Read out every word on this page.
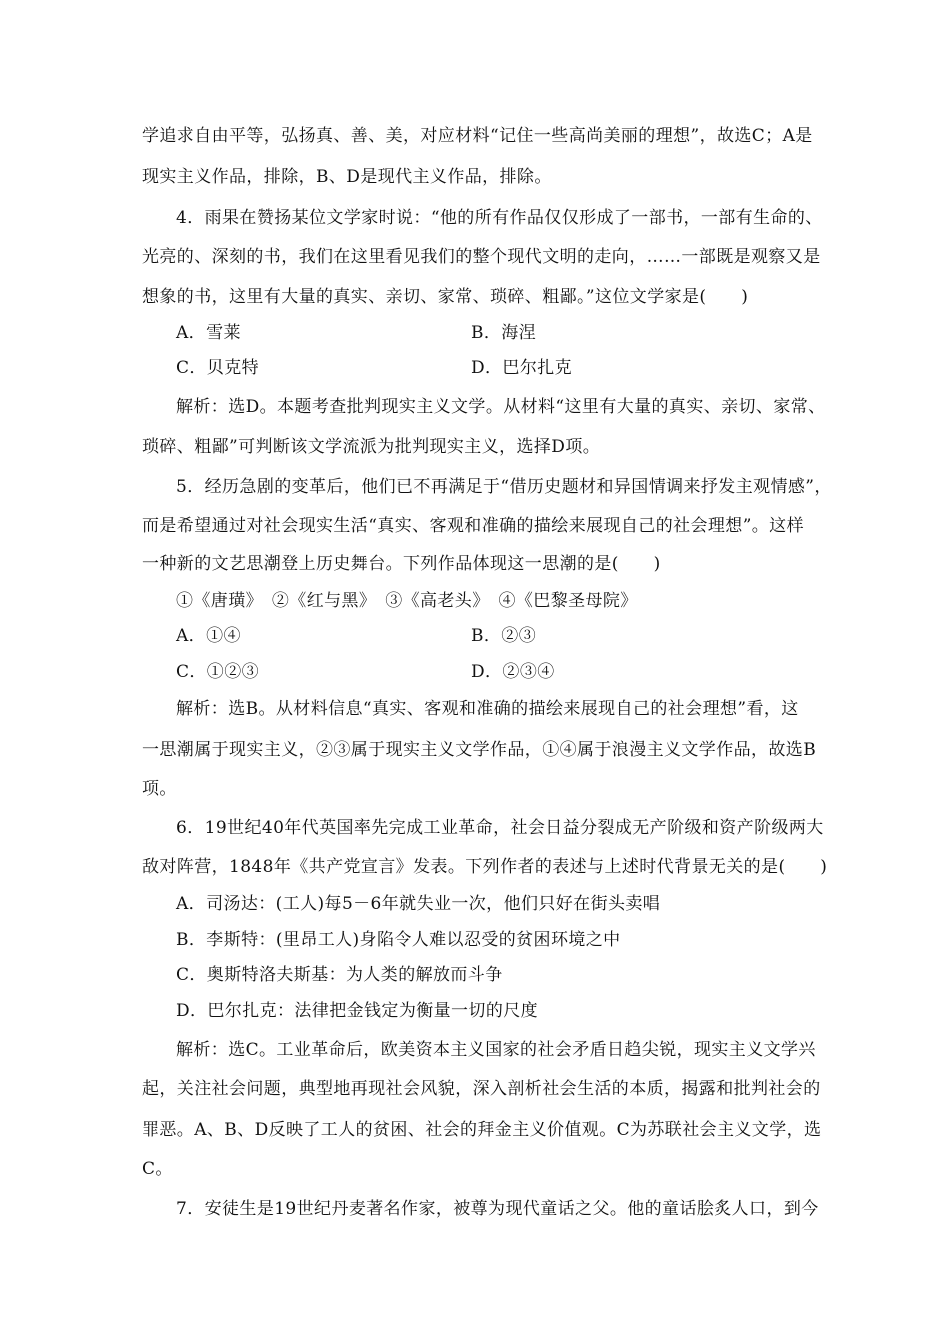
学追求自由平等，弘扬真、善、美，对应材料“记住一些高尚美丽的理想”，故选C；A是
现实主义作品，排除，B、D是现代主义作品，排除。
4．雨果在赞扬某位文学家时说：“他的所有作品仅仅形成了一部书，一部有生命的、
光亮的、深刻的书，我们在这里看见我们的整个现代文明的走向，……一部既是观察又是
想象的书，这里有大量的真实、亲切、家常、琐碎、粗鄙。”这位文学家是(　　)
A．雪莱	B．海涅
C．贝克特	D．巴尔扎克
解析：选D。本题考查批判现实主义文学。从材料“这里有大量的真实、亲切、家常、
琐碎、粗鄙”可判断该文学流派为批判现实主义，选择D项。
5．经历急剧的变革后，他们已不再满足于“借历史题材和异国情调来抒发主观情感”，
而是希望通过对社会现实生活“真实、客观和准确的描绘来展现自己的社会理想”。这样
一种新的文艺思潮登上历史舞台。下列作品体现这一思潮的是(　　)
①《唐璜》　②《红与黑》　③《高老头》　④《巴黎圣母院》
A．①④	B．②③
C．①②③	D．②③④
解析：选B。从材料信息“真实、客观和准确的描绘来展现自己的社会理想”看，这
一思潮属于现实主义，②③属于现实主义文学作品，①④属于浪漫主义文学作品，故选B
项。
6．19世纪40年代英国率先完成工业革命，社会日益分裂成无产阶级和资产阶级两大
敌对阵营，1848年《共产党宣言》发表。下列作者的表述与上述时代背景无关的是(　　)
A．司汤达：(工人)每5－6年就失业一次，他们只好在街头卖唱
B．李斯特：(里昂工人)身陷令人难以忍受的贫困环境之中
C．奥斯特洛夫斯基：为人类的解放而斗争
D．巴尔扎克：法律把金钱定为衡量一切的尺度
解析：选C。工业革命后，欧美资本主义国家的社会矛盾日趋尖锐，现实主义文学兴
起，关注社会问题，典型地再现社会风貌，深入剖析社会生活的本质，揭露和批判社会的
罪恶。A、B、D反映了工人的贫困、社会的拜金主义价值观。C为苏联社会主义文学，选
C。
7．安徒生是19世纪丹麦著名作家，被尊为现代童话之父。他的童话脍炙人口，到今
